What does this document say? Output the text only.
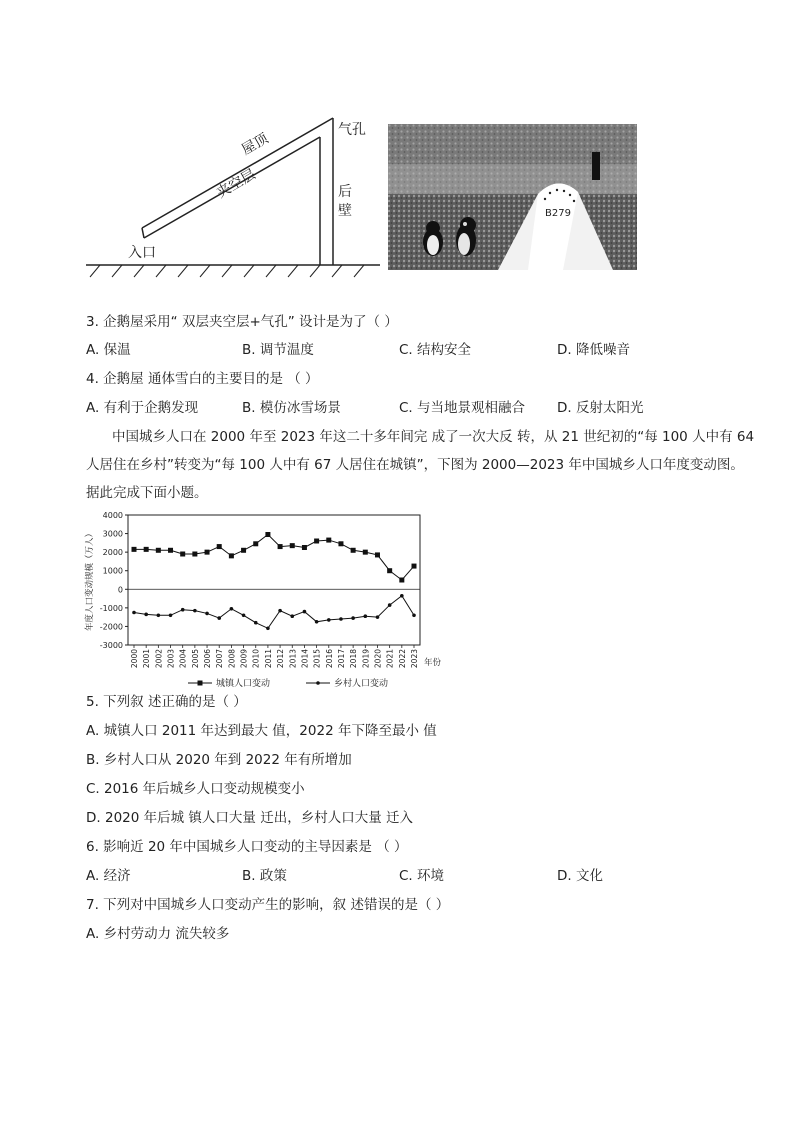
屋顶
夹空层
气孔
后
壁
入口
B279
3. 企鹅屋采用“ 双层夹空层+气孔” 设计是为了（ ）
A. 保温	B. 调节温度	C. 结构安全	D. 降低噪音
4. 企鹅屋 通体雪白的主要目的是 （ ）
A. 有利于企鹅发现	B. 模仿冰雪场景	C. 与当地景观相融合 D. 反射太阳光
中国城乡人口在 2000 年至 2023 年这二十多年间完 成了一次大反 转，从 21 世纪初的“每 100 人中有 64
人居住在乡村”转变为“每 100 人中有 67 人居住在城镇”，下图为 2000—2023 年中国城乡人口年度变动图。
据此完成下面小题。
4000
3000
2000
1000
0
-1000
-2000
-3000
年度人口变动规模（万人）
2000 2001 2002 2003 2004 2005 2006 2007 2008 2009 2010 2011 2012 2013 2014 2015 2016 2017 2018 2019 2020 2021 2022 2023 年份
城镇人口变动	乡村人口变动
5. 下列叙 述正确的是（ ）
A. 城镇人口 2011 年达到最大 值，2022 年下降至最小 值
B. 乡村人口从 2020 年到 2022 年有所增加
C. 2016 年后城乡人口变动规模变小
D. 2020 年后城 镇人口大量 迁出，乡村人口大量 迁入
6. 影响近 20 年中国城乡人口变动的主导因素是 （ ）
A. 经济	B. 政策	C. 环境	D. 文化
7. 下列对中国城乡人口变动产生的影响，叙 述错误的是（ ）
A. 乡村劳动力 流失较多
